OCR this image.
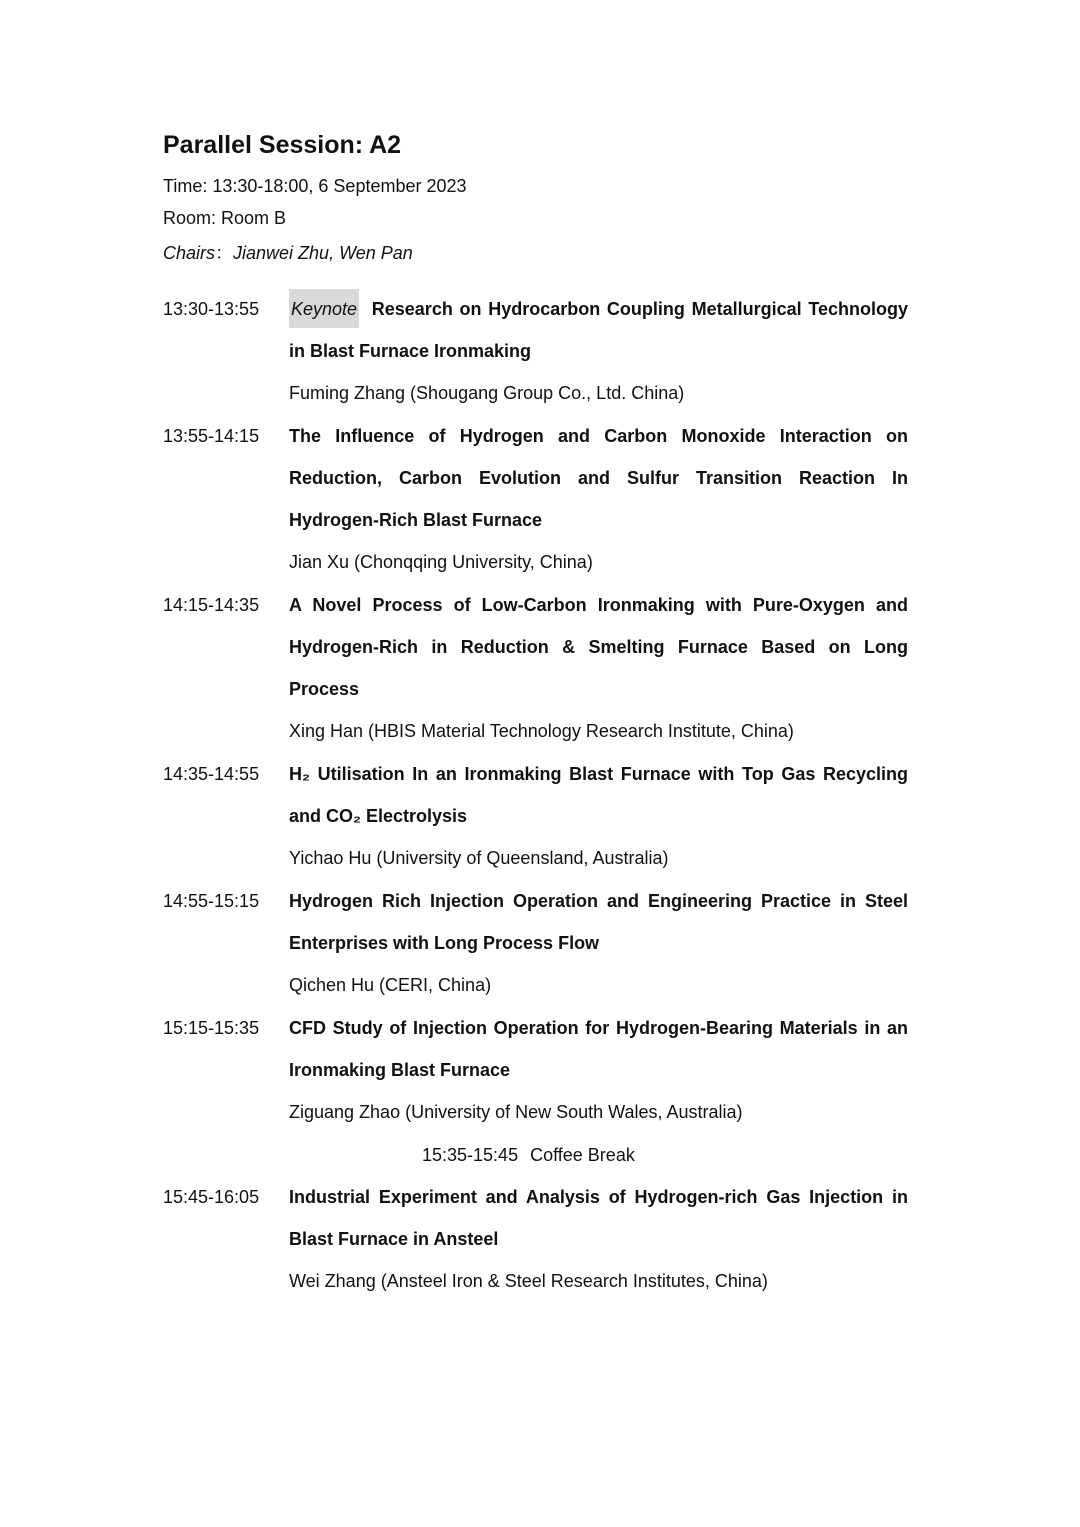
Parallel Session: A2

Time: 13:30-18:00, 6 September 2023

Room: Room B

Chairs：Jianwei Zhu, Wen Pan

13:30-13:55	Keynote Research on Hydrocarbon Coupling Metallurgical Technology in Blast Furnace Ironmaking

Fuming Zhang (Shougang Group Co., Ltd. China)

13:55-14:15	The Influence of Hydrogen and Carbon Monoxide Interaction on Reduction, Carbon Evolution and Sulfur Transition Reaction In Hydrogen-Rich Blast Furnace

Jian Xu (Chonqqing University, China)

14:15-14:35	A Novel Process of Low-Carbon Ironmaking with Pure-Oxygen and Hydrogen-Rich in Reduction & Smelting Furnace Based on Long Process

Xing Han (HBIS Material Technology Research Institute, China)

14:35-14:55	H₂ Utilisation In an Ironmaking Blast Furnace with Top Gas Recycling and CO₂ Electrolysis

Yichao Hu (University of Queensland, Australia)

14:55-15:15	Hydrogen Rich Injection Operation and Engineering Practice in Steel Enterprises with Long Process Flow

Qichen Hu (CERI, China)

15:15-15:35	CFD Study of Injection Operation for Hydrogen-Bearing Materials in an Ironmaking Blast Furnace

Ziguang Zhao (University of New South Wales, Australia)

15:35-15:45 Coffee Break
15:45-16:05	Industrial Experiment and Analysis of Hydrogen-rich Gas Injection in Blast Furnace in Ansteel

Wei Zhang (Ansteel Iron & Steel Research Institutes, China)
